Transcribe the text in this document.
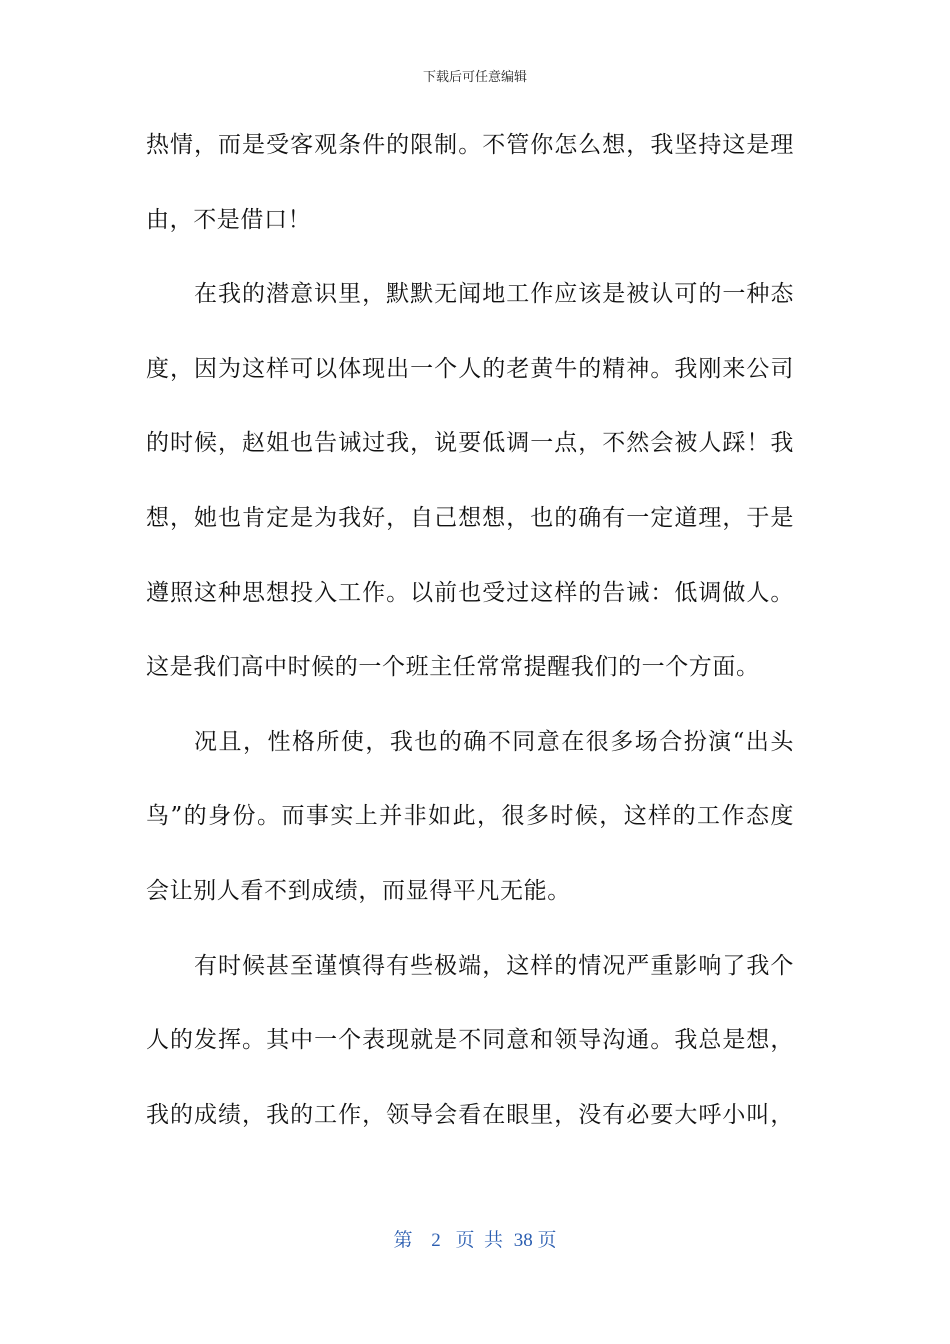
下载后可任意编辑
热情，而是受客观条件的限制。不管你怎么想，我坚持这是理
由，不是借口！
在我的潜意识里，默默无闻地工作应该是被认可的一种态
度，因为这样可以体现出一个人的老黄牛的精神。我刚来公司
的时候，赵姐也告诫过我，说要低调一点，不然会被人踩！我
想，她也肯定是为我好，自己想想，也的确有一定道理，于是
遵照这种思想投入工作。以前也受过这样的告诫：低调做人。
这是我们高中时候的一个班主任常常提醒我们的一个方面。
况且，性格所使，我也的确不同意在很多场合扮演“出头
鸟”的身份。而事实上并非如此，很多时候，这样的工作态度
会让别人看不到成绩，而显得平凡无能。
有时候甚至谨慎得有些极端，这样的情况严重影响了我个
人的发挥。其中一个表现就是不同意和领导沟通。我总是想，
我的成绩，我的工作，领导会看在眼里，没有必要大呼小叫，
第 2 页  共 38 页
